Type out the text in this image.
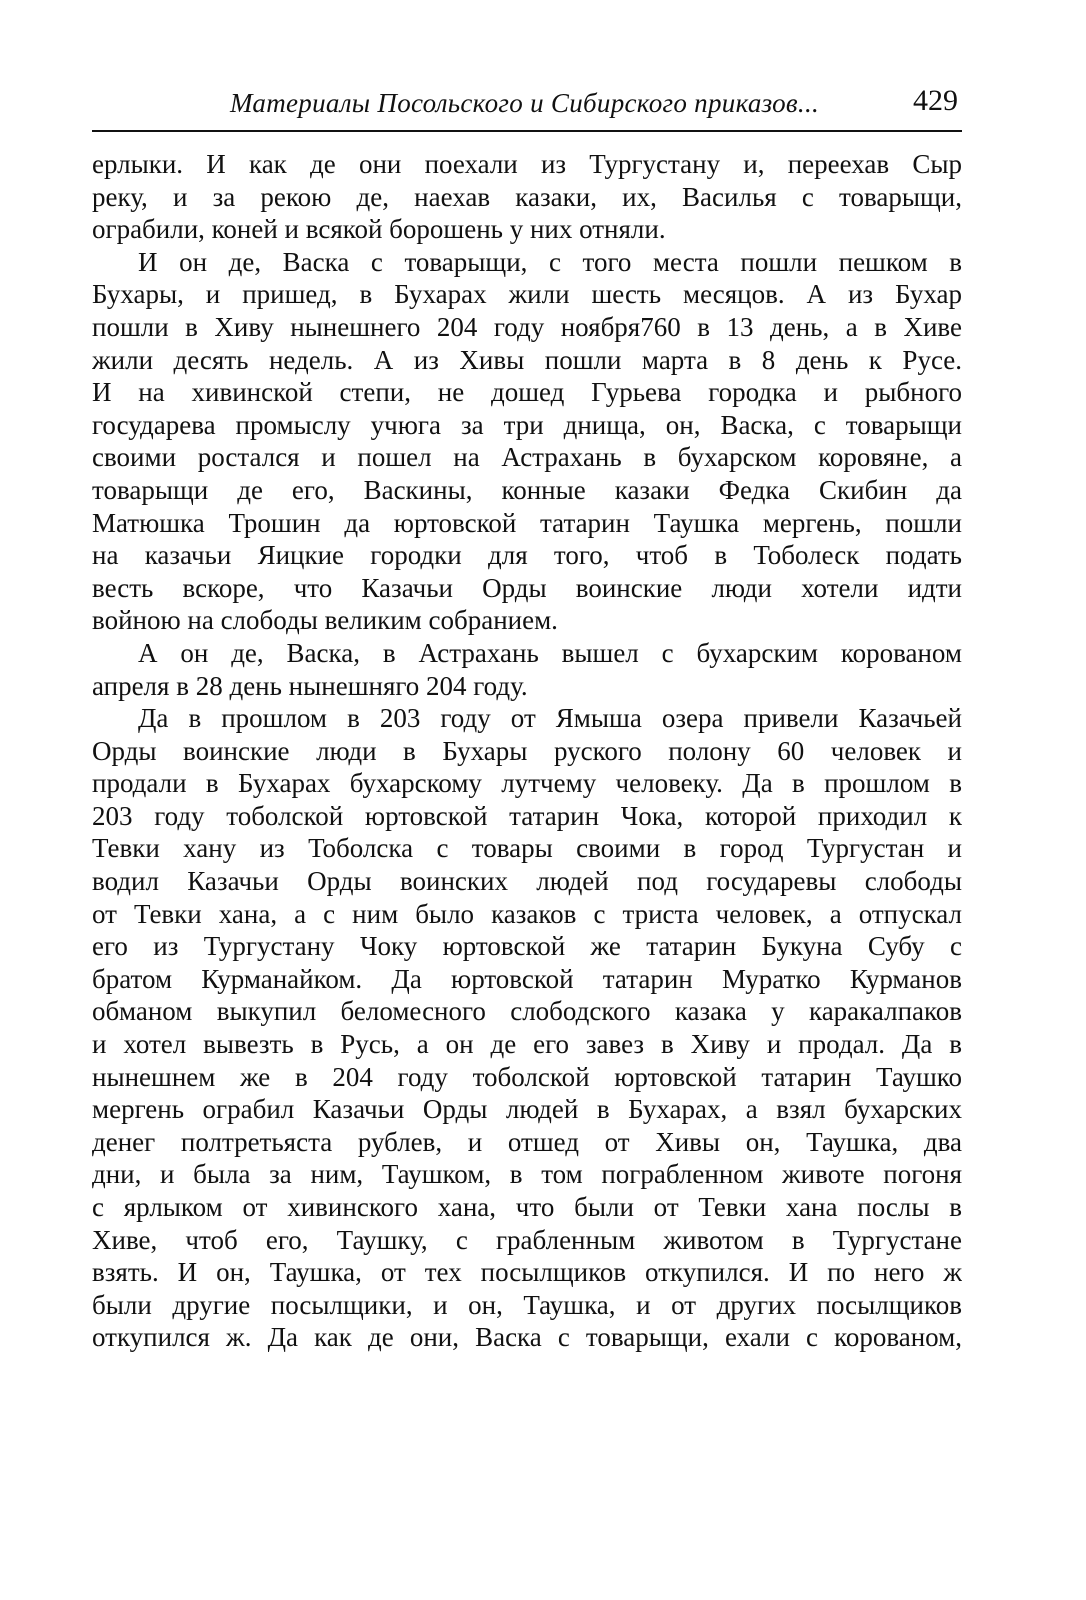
Материалы Посольского и Сибирского приказов...	429
ерлыки. И как де они поехали из Тургустану и, переехав Сыр
реку, и за рекою де, наехав казаки, их, Василья с товарыщи,
ограбили, коней и всякой борошень у них отняли.
И он де, Васка с товарыщи, с того места пошли пешком в
Бухары, и пришед, в Бухарах жили шесть месяцов. А из Бухар
пошли в Хиву нынешнего 204 году ноября760 в 13 день, а в Хиве
жили десять недель. А из Хивы пошли марта в 8 день к Русе.
И на хивинской степи, не дошед Гурьева городка и рыбного
государева промыслу учюга за три днища, он, Васка, с товарыщи
своими ростался и пошел на Астрахань в бухарском коровяне, а
товарыщи де его, Васкины, конные казаки Федка Скибин да
Матюшка Трошин да юртовской татарин Таушка мергень, пошли
на казачьи Яицкие городки для того, чтоб в Тоболеск подать
весть вскоре, что Казачьи Орды воинские люди хотели идти
войною на слободы великим собранием.
А он де, Васка, в Астрахань вышел с бухарским корованом
апреля в 28 день нынешняго 204 году.
Да в прошлом в 203 году от Ямыша озера привели Казачьей
Орды воинские люди в Бухары руского полону 60 человек и
продали в Бухарах бухарскому лутчему человеку. Да в прошлом в
203 году тоболской юртовской татарин Чока, которой приходил к
Тевки хану из Тоболска с товары своими в город Тургустан и
водил Казачьи Орды воинских людей под государевы слободы
от Тевки хана, а с ним было казаков с триста человек, а отпускал
его из Тургустану Чоку юртовской же татарин Букуна Субу с
братом Курманайком. Да юртовской татарин Муратко Курманов
обманом выкупил беломесного слободского казака у каракалпаков
и хотел вывезть в Русь, а он де его завез в Хиву и продал. Да в
нынешнем же в 204 году тоболской юртовской татарин Таушко
мергень ограбил Казачьи Орды людей в Бухарах, а взял бухарских
денег полтретьяста рублев, и отшед от Хивы он, Таушка, два
дни, и была за ним, Таушком, в том пограбленном животе погоня
с ярлыком от хивинского хана, что были от Тевки хана послы в
Хиве, чтоб его, Таушку, с грабленным животом в Тургустане
взять. И он, Таушка, от тех посылщиков откупился. И по него ж
были другие посылщики, и он, Таушка, и от других посылщиков
откупился ж. Да как де они, Васка с товарыщи, ехали с корованом,
